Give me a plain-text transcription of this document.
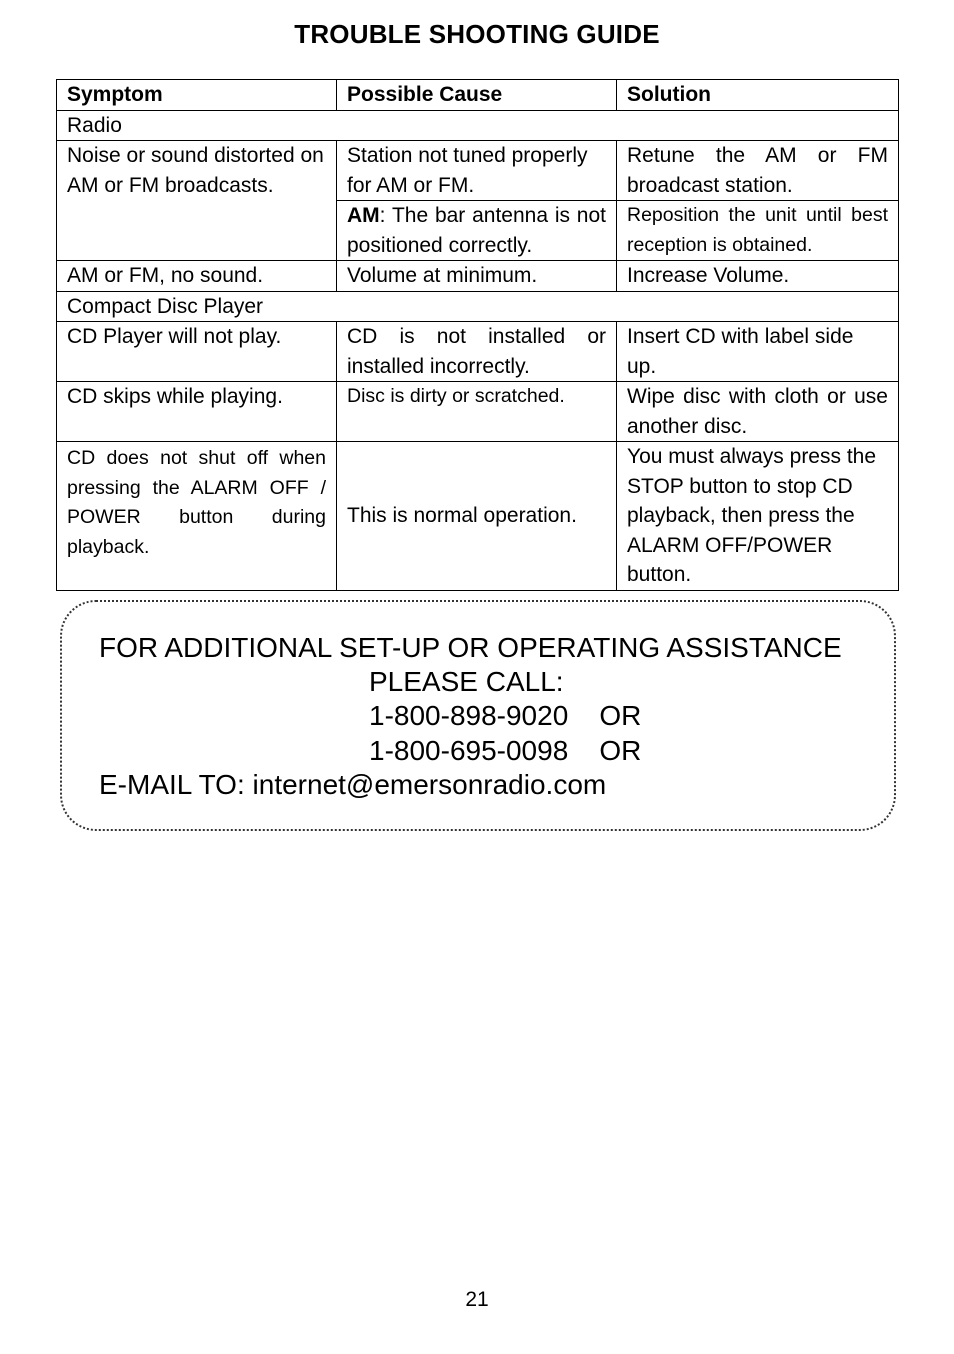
TROUBLE SHOOTING GUIDE
Symptom	Possible Cause	Solution
Radio		
Noise or sound distorted on AM or FM broadcasts.	Station not tuned properly for AM or FM.	Retune the AM or FM broadcast station.
	AM: The bar antenna is not positioned correctly.	Reposition the unit until best reception is obtained.
AM or FM, no sound.	Volume at minimum.	Increase Volume.
Compact Disc Player		
CD Player will not play.	CD is not installed or installed incorrectly.	Insert CD with label side up.
CD skips while playing.	Disc is dirty or scratched.	Wipe disc with cloth or use another disc.
CD does not shut off when pressing the ALARM OFF / POWER button during playback.	This is normal operation.	You must always press the STOP button to stop CD playback, then press the ALARM OFF/POWER button.
FOR ADDITIONAL SET-UP OR OPERATING ASSISTANCE
PLEASE CALL:
1-800-898-9020    OR
1-800-695-0098    OR
E-MAIL TO: internet@emersonradio.com
21
